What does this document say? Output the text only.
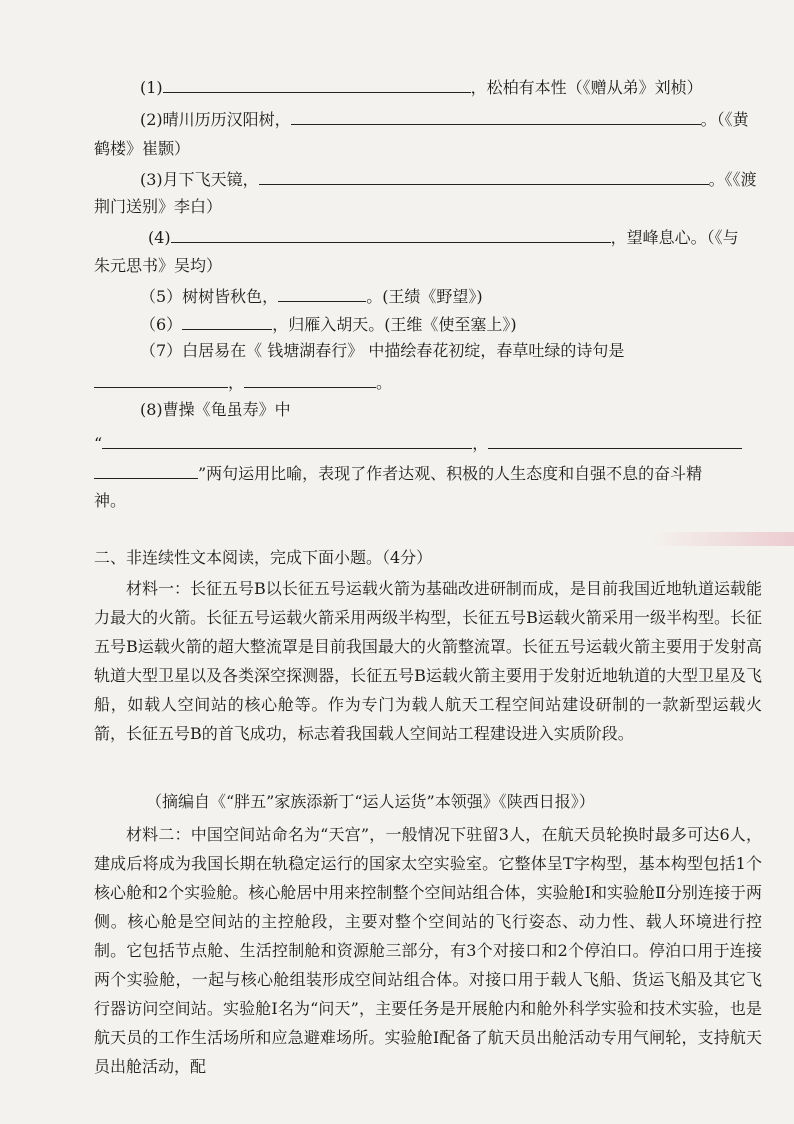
(1)	，松柏有本性（《赠从弟》刘桢）
(2)晴川历历汉阳树，	。（《黄
鹤楼》崔颢）
(3)月下飞天镜，	。《《渡
荆门送别》李白）
(4)	，望峰息心。（《与
朱元思书》吴均）
（5）树树皆秋色，	。(王绩《野望》)
（6）	，归雁入胡天。(王维《使至塞上》)
（7）白居易在《 钱塘湖春行》 中描绘春花初绽，春草吐绿的诗句是
，	。
(8)曹操《龟虽寿》中
“	，
”两句运用比喻，表现了作者达观、积极的人生态度和自强不息的奋斗精
神。
二、非连续性文本阅读，完成下面小题。（4分）
材料一：长征五号B以长征五号运载火箭为基础改进研制而成，是目前我国近地轨道运载能力最大的火箭。长征五号运载火箭采用两级半构型，长征五号B运载火箭采用一级半构型。长征五号B运载火箭的超大整流罩是目前我国最大的火箭整流罩。长征五号运载火箭主要用于发射高轨道大型卫星以及各类深空探测器，长征五号B运载火箭主要用于发射近地轨道的大型卫星及飞船，如载人空间站的核心舱等。作为专门为载人航天工程空间站建设研制的一款新型运载火箭，长征五号B的首飞成功，标志着我国载人空间站工程建设进入实质阶段。
（摘编自《“胖五”家族添新丁“运人运货”本领强》《陕西日报》）
材料二：中国空间站命名为“天宫”，一般情况下驻留3人，在航天员轮换时最多可达6人，建成后将成为我国长期在轨稳定运行的国家太空实验室。它整体呈T字构型，基本构型包括1个核心舱和2个实验舱。核心舱居中用来控制整个空间站组合体，实验舱Ⅰ和实验舱Ⅱ分别连接于两侧。核心舱是空间站的主控舱段，主要对整个空间站的飞行姿态、动力性、载人环境进行控制。它包括节点舱、生活控制舱和资源舱三部分，有3个对接口和2个停泊口。停泊口用于连接两个实验舱，一起与核心舱组装形成空间站组合体。对接口用于载人飞船、货运飞船及其它飞行器访问空间站。实验舱Ⅰ名为“问天”，主要任务是开展舱内和舱外科学实验和技术实验，也是航天员的工作生活场所和应急避难场所。实验舱Ⅰ配备了航天员出舱活动专用气闸轮，支持航天员出舱活动，配
